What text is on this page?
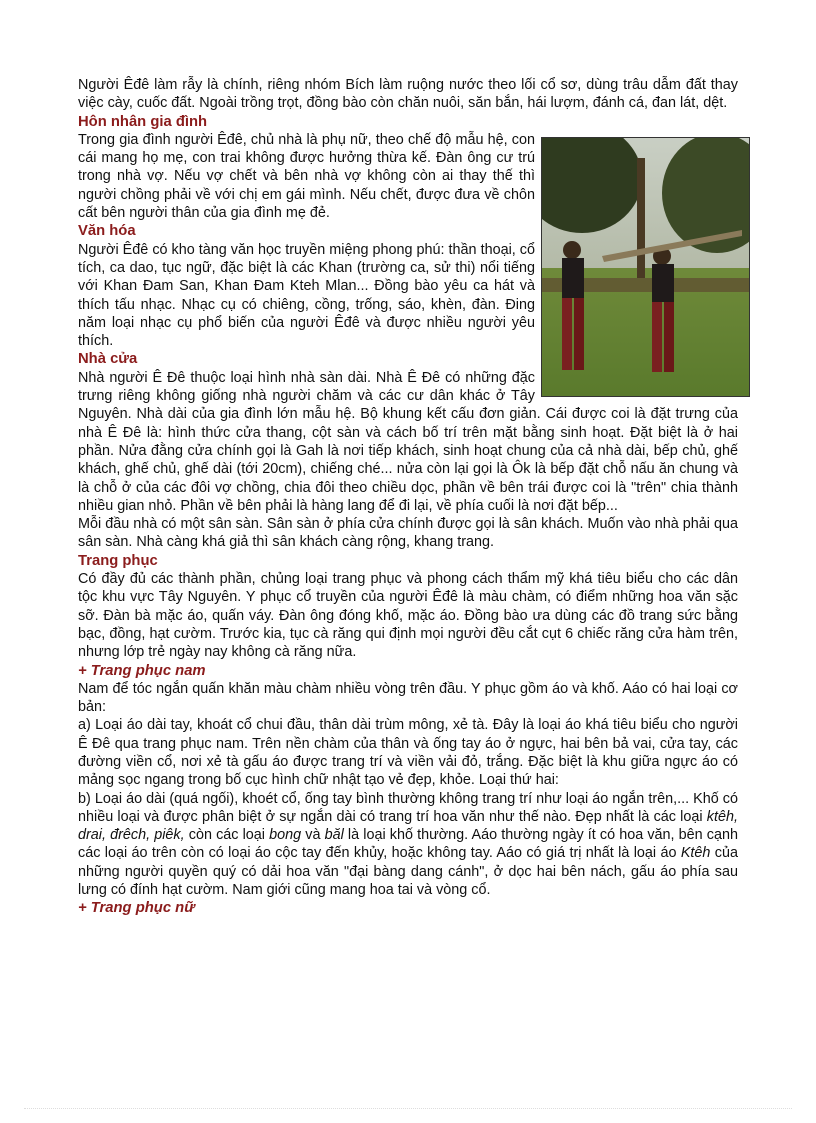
Người Êđê làm rẫy là chính, riêng nhóm Bích làm ruộng nước theo lối cổ sơ, dùng trâu dẫm đất thay việc cày, cuốc đất. Ngoài trồng trọt, đồng bào còn chăn nuôi, săn bắn, hái lượm, đánh cá, đan lát, dệt.

Hôn nhân gia đình

Trong gia đình người Êđê, chủ nhà là phụ nữ, theo chế độ mẫu hệ, con cái mang họ mẹ, con trai không được hưởng thừa kế. Đàn ông cư trú trong nhà vợ. Nếu vợ chết và bên nhà vợ không còn ai thay thế thì người chồng phải về với chị em gái mình. Nếu chết, được đưa về chôn cất bên người thân của gia đình mẹ đẻ.

Văn hóa

Người Êđê có kho tàng văn học truyền miệng phong phú: thần thoại, cổ tích, ca dao, tục ngữ, đặc biệt là các Khan (trường ca, sử thi) nổi tiếng với Khan Đam San, Khan Đam Kteh Mlan... Đồng bào yêu ca hát và thích tấu nhạc. Nhạc cụ có chiêng, cồng, trống, sáo, khèn, đàn. Đing năm loại nhạc cụ phổ biến của người Êđê và được nhiều người yêu thích.

Nhà cửa

Nhà người Ê Đê thuộc loại hình nhà sàn dài. Nhà Ê Đê có những đặc trưng riêng không giống nhà người chăm và các cư dân khác ở Tây Nguyên. Nhà dài của gia đình lớn mẫu hệ. Bộ khung kết cấu đơn giản. Cái được coi là đặt trưng của nhà Ê Đê là: hình thức cửa thang, cột sàn và cách bố trí trên mặt bằng sinh hoạt. Đặt biệt là ở hai phần. Nửa đằng cửa chính gọi là Gah là nơi tiếp khách, sinh hoạt chung của cả nhà dài, bếp chủ, ghế khách, ghế chủ, ghế dài (tới 20cm), chiếng ché... nửa còn lại gọi là Ôk là bếp đặt chỗ nấu ăn chung và là chỗ ở của các đôi vợ chồng, chia đôi theo chiều dọc, phần về bên trái được coi là "trên" chia thành nhiều gian nhỏ. Phần về bên phải là hàng lang để đi lại, về phía cuối là nơi đặt bếp...

Mỗi đầu nhà có một sân sàn. Sân sàn ở phía cửa chính được gọi là sân khách. Muốn vào nhà phải qua sân sàn. Nhà càng khá giả thì sân khách càng rộng, khang trang.

Trang phục

Có đầy đủ các thành phần, chủng loại trang phục và phong cách thẩm mỹ khá tiêu biểu cho các dân tộc khu vực Tây Nguyên. Y phục cổ truyền của người Êđê là màu chàm, có điểm những hoa văn sặc sỡ. Đàn bà mặc áo, quấn váy. Đàn ông đóng khố, mặc áo. Đồng bào ưa dùng các đồ trang sức bằng bạc, đồng, hạt cườm. Trước kia, tục cà răng qui định mọi người đều cắt cụt 6 chiếc răng cửa hàm trên, nhưng lớp trẻ ngày nay không cà răng nữa.

+ Trang phục nam

Nam để tóc ngắn quấn khăn màu chàm nhiều vòng trên đầu. Y phục gồm áo và khố. Aáo có hai loại cơ bản:

a) Loại áo dài tay, khoát cổ chui đầu, thân dài trùm mông, xẻ tà. Đây là loại áo khá tiêu biểu cho người Ê Đê qua trang phục nam. Trên nền chàm của thân và ống tay áo ở ngực, hai bên bả vai, cửa tay, các đường viền cổ, nơi xẻ tà gấu áo được trang trí và viền vải đỏ, trắng. Đặc biệt là khu giữa ngực áo có mảng sọc ngang trong bố cục hình chữ nhật tạo vẻ đẹp, khỏe. Loại thứ hai:

b) Loại áo dài (quá ngối), khoét cổ, ống tay bình thường không trang trí như loại áo ngắn trên,... Khố có nhiều loại và được phân biệt ở sự ngắn dài có trang trí hoa văn như thế nào. Đẹp nhất là các loại ktêh, drai, đrêch, piêk, còn các loại bong và băl là loại khố thường. Aáo thường ngày ít có hoa văn, bên cạnh các loại áo trên còn có loại áo cộc tay đến khủy, hoặc không tay. Aáo có giá trị nhất là loại áo Ktêh của những người quyền quý có dải hoa văn "đại bàng dang cánh", ở dọc hai bên nách, gấu áo phía sau lưng có đính hạt cườm. Nam giới cũng mang hoa tai và vòng cổ.

+ Trang phục nữ
